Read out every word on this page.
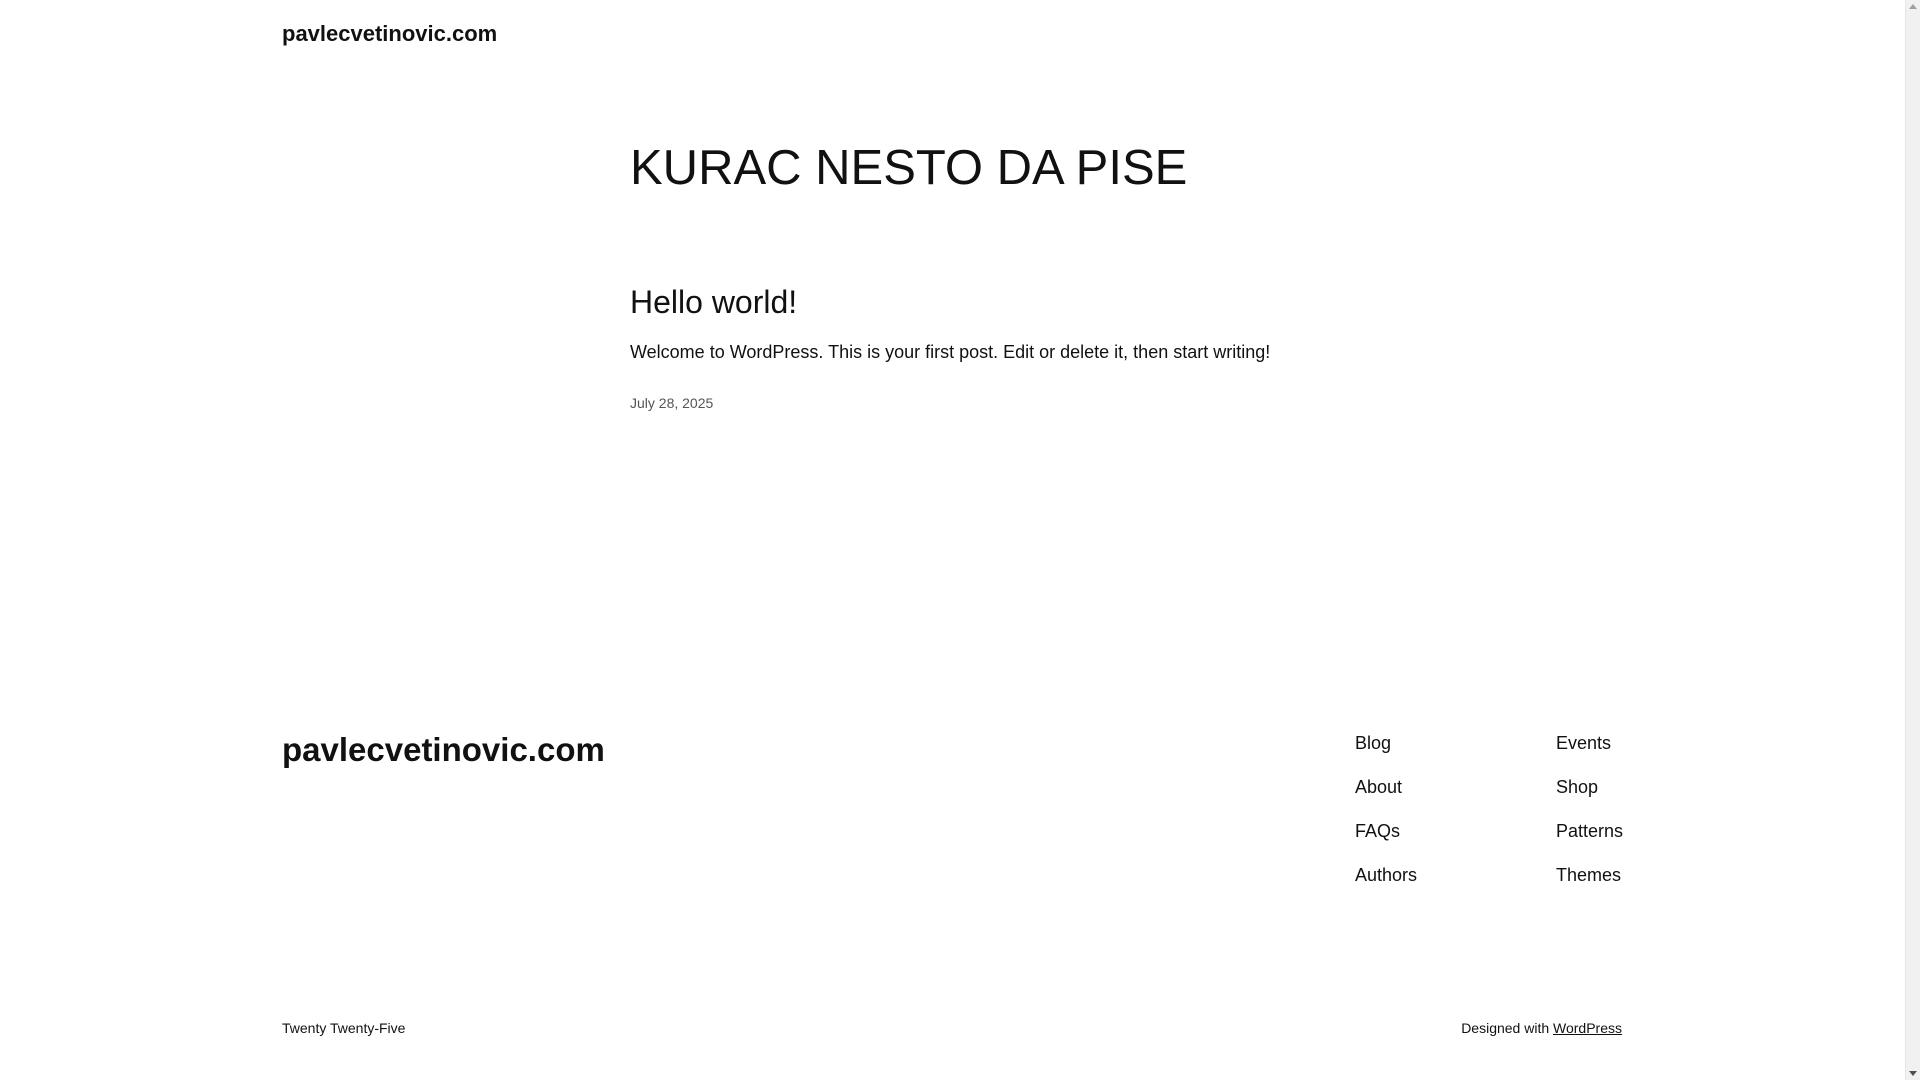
pavlecvetinovic.com
KURAC NESTO DA PISE
Hello world!

Welcome to WordPress. This is your first post. Edit or delete it, then start writing!

July 28, 2025
pavlecvetinovic.com	Blog
About
FAQs
Authors
Events
Shop
Patterns
Themes
Twenty Twenty-Five	Designed with WordPress
